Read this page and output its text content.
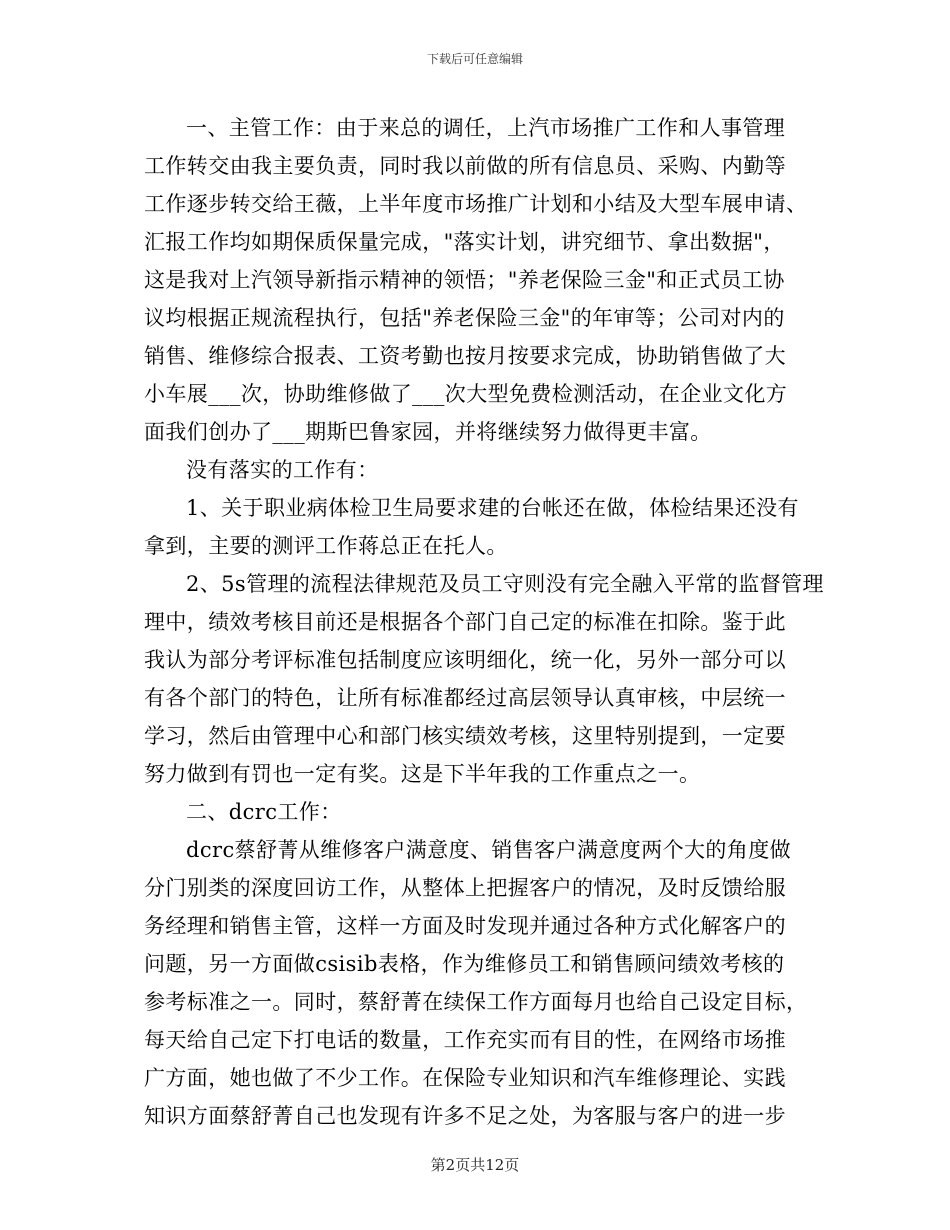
下载后可任意编辑
一、主管工作：由于来总的调任，上汽市场推广工作和人事管理
工作转交由我主要负责，同时我以前做的所有信息员、采购、内勤等
工作逐步转交给王薇，上半年度市场推广计划和小结及大型车展申请、
汇报工作均如期保质保量完成，"落实计划，讲究细节、拿出数据"，
这是我对上汽领导新指示精神的领悟；"养老保险三金"和正式员工协
议均根据正规流程执行，包括"养老保险三金"的年审等；公司对内的
销售、维修综合报表、工资考勤也按月按要求完成，协助销售做了大
小车展___次，协助维修做了___次大型免费检测活动，在企业文化方
面我们创办了___期斯巴鲁家园，并将继续努力做得更丰富。
没有落实的工作有：
1、关于职业病体检卫生局要求建的台帐还在做，体检结果还没有
拿到，主要的测评工作蒋总正在托人。
2、5s管理的流程法律规范及员工守则没有完全融入平常的监督管理
理中，绩效考核目前还是根据各个部门自己定的标准在扣除。鉴于此
我认为部分考评标准包括制度应该明细化，统一化，另外一部分可以
有各个部门的特色，让所有标准都经过高层领导认真审核，中层统一
学习，然后由管理中心和部门核实绩效考核，这里特别提到，一定要
努力做到有罚也一定有奖。这是下半年我的工作重点之一。
二、dcrc工作：
dcrc蔡舒菁从维修客户满意度、销售客户满意度两个大的角度做
分门别类的深度回访工作，从整体上把握客户的情况，及时反馈给服
务经理和销售主管，这样一方面及时发现并通过各种方式化解客户的
问题，另一方面做csisib表格，作为维修员工和销售顾问绩效考核的
参考标准之一。同时，蔡舒菁在续保工作方面每月也给自己设定目标，
每天给自己定下打电话的数量，工作充实而有目的性，在网络市场推
广方面，她也做了不少工作。在保险专业知识和汽车维修理论、实践
知识方面蔡舒菁自己也发现有许多不足之处，为客服与客户的进一步
第2页共12页
